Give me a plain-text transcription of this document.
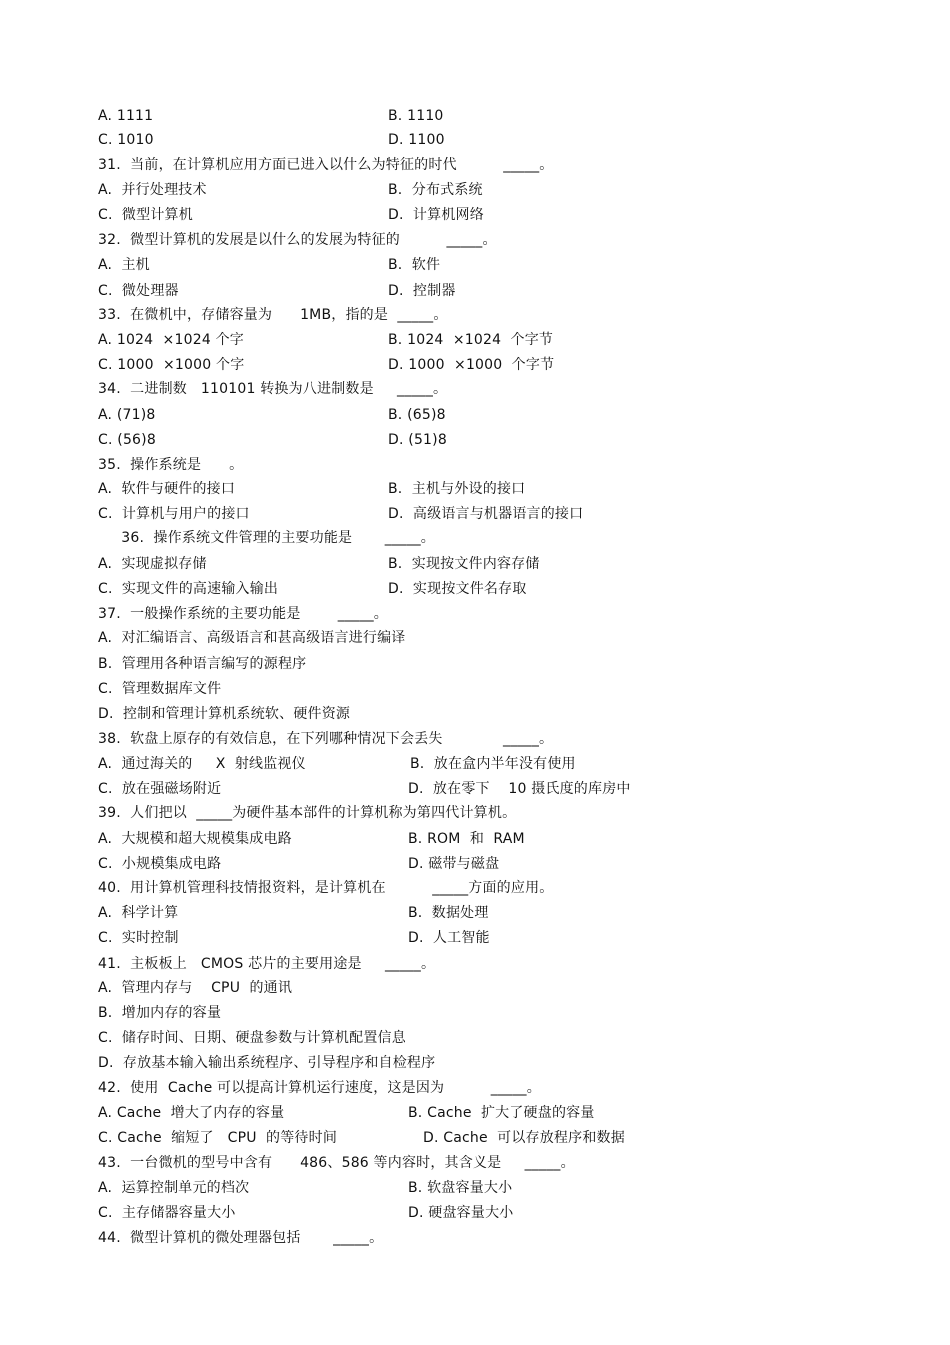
A. 1111	B. 1110
C. 1010	D. 1100
31.  当前，在计算机应用方面已进入以什么为特征的时代          _____。
A.  并行处理技术	B.  分布式系统
C.  微型计算机	D.  计算机网络
32.  微型计算机的发展是以什么的发展为特征的          _____。
A.  主机	B.  软件
C.  微处理器	D.  控制器
33.  在微机中，存储容量为      1MB，指的是  _____。
A. 1024  ×1024 个字	B. 1024  ×1024  个字节
C. 1000  ×1000 个字	D. 1000  ×1000  个字节
34.  二进制数   110101 转换为八进制数是     _____。
A. (71)8	B. (65)8
C. (56)8	D. (51)8
35.  操作系统是      。
A.  软件与硬件的接口	B.  主机与外设的接口
C.  计算机与用户的接口	D.  高级语言与机器语言的接口
36.  操作系统文件管理的主要功能是       _____。
A.  实现虚拟存储	B.  实现按文件内容存储
C.  实现文件的高速输入输出	D.  实现按文件名存取
37.  一般操作系统的主要功能是        _____。
A.  对汇编语言、高级语言和甚高级语言进行编译
B.  管理用各种语言编写的源程序
C.  管理数据库文件
D.  控制和管理计算机系统软、硬件资源
38.  软盘上原存的有效信息，在下列哪种情况下会丢失             _____。
A.  通过海关的     X  射线监视仪	B.  放在盒内半年没有使用
C.  放在强磁场附近	D.  放在零下    10 摄氏度的库房中
39.  人们把以  _____为硬件基本部件的计算机称为第四代计算机。
A.  大规模和超大规模集成电路	B. ROM  和  RAM
C.  小规模集成电路	D. 磁带与磁盘
40.  用计算机管理科技情报资料，是计算机在          _____方面的应用。
A.  科学计算	B.  数据处理
C.  实时控制	D.  人工智能
41.  主板板上   CMOS 芯片的主要用途是     _____。
A.  管理内存与    CPU  的通讯
B.  增加内存的容量
C.  储存时间、日期、硬盘参数与计算机配置信息
D.  存放基本输入输出系统程序、引导程序和自检程序
42.  使用  Cache 可以提高计算机运行速度，这是因为          _____。
A. Cache  增大了内存的容量	B. Cache  扩大了硬盘的容量
C. Cache  缩短了   CPU  的等待时间	D. Cache  可以存放程序和数据
43.  一台微机的型号中含有      486、586 等内容时，其含义是     _____。
A.  运算控制单元的档次	B. 软盘容量大小
C.  主存储器容量大小	D. 硬盘容量大小
44.  微型计算机的微处理器包括       _____。
